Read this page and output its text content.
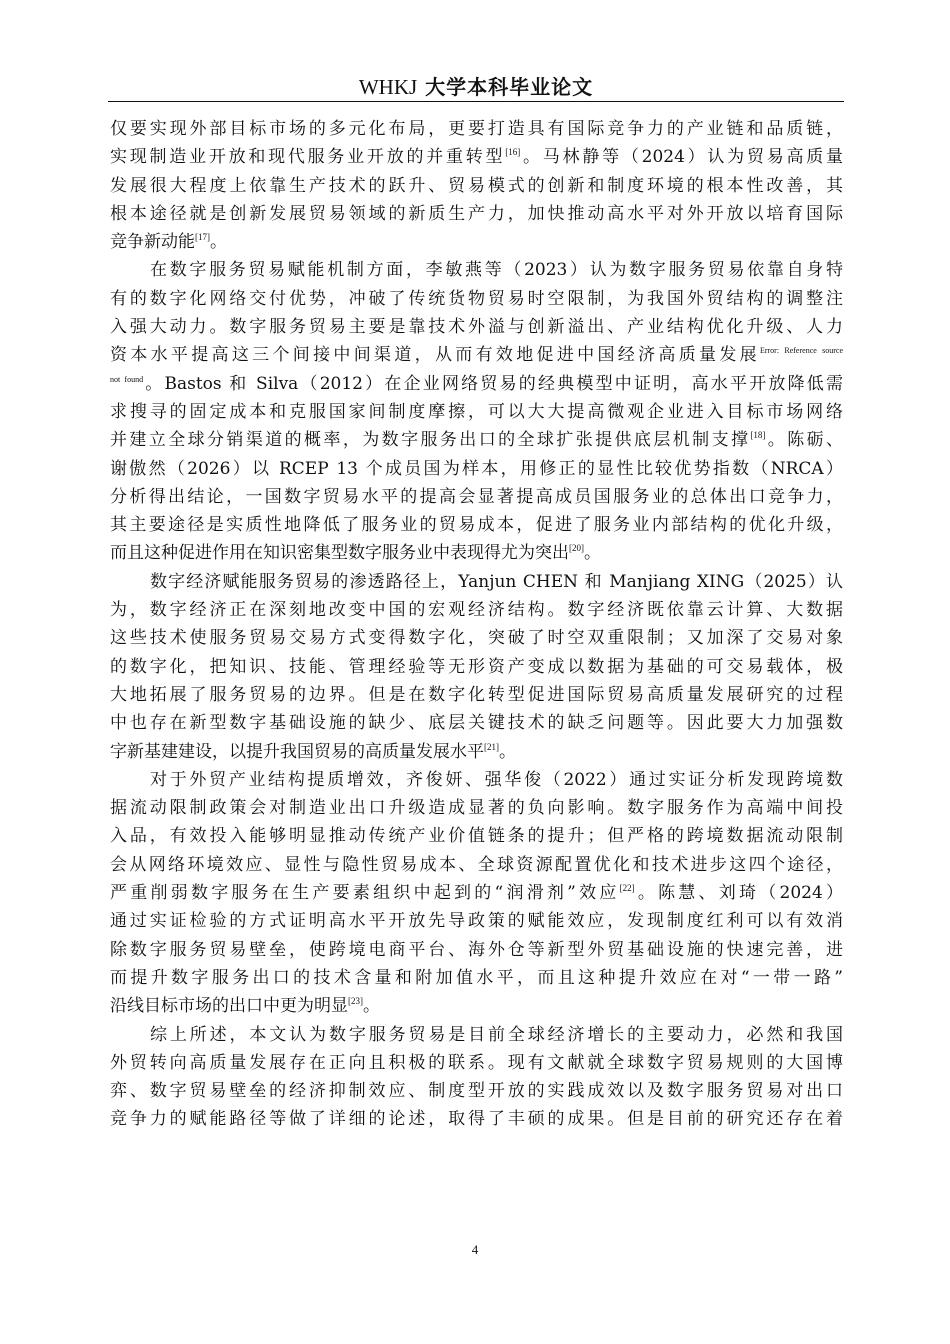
WHKJ 大学本科毕业论文
仅要实现外部目标市场的多元化布局，更要打造具有国际竞争力的产业链和品质链，
实现制造业开放和现代服务业开放的并重转型[16]。马林静等（2024）认为贸易高质量
发展很大程度上依靠生产技术的跃升、贸易模式的创新和制度环境的根本性改善，其
根本途径就是创新发展贸易领域的新质生产力，加快推动高水平对外开放以培育国际
竞争新动能[17]。
在数字服务贸易赋能机制方面，李敏燕等（2023）认为数字服务贸易依靠自身特
有的数字化网络交付优势，冲破了传统货物贸易时空限制，为我国外贸结构的调整注
入强大动力。数字服务贸易主要是靠技术外溢与创新溢出、产业结构优化升级、人力
资本水平提高这三个间接中间渠道，从而有效地促进中国经济高质量发展$^{Error: Reference source}$
$^{not found}$。Bastos 和 Silva（2012）在企业网络贸易的经典模型中证明，高水平开放降低需
求搜寻的固定成本和克服国家间制度摩擦，可以大大提高微观企业进入目标市场网络
并建立全球分销渠道的概率，为数字服务出口的全球扩张提供底层机制支撑[18]。陈砺、
谢傲然（2026）以 RCEP 13 个成员国为样本，用修正的显性比较优势指数（NRCA）
分析得出结论，一国数字贸易水平的提高会显著提高成员国服务业的总体出口竞争力，
其主要途径是实质性地降低了服务业的贸易成本，促进了服务业内部结构的优化升级，
而且这种促进作用在知识密集型数字服务业中表现得尤为突出[20]。
数字经济赋能服务贸易的渗透路径上，Yanjun CHEN 和 Manjiang XING（2025）认
为，数字经济正在深刻地改变中国的宏观经济结构。数字经济既依靠云计算、大数据
这些技术使服务贸易交易方式变得数字化，突破了时空双重限制；又加深了交易对象
的数字化，把知识、技能、管理经验等无形资产变成以数据为基础的可交易载体，极
大地拓展了服务贸易的边界。但是在数字化转型促进国际贸易高质量发展研究的过程
中也存在新型数字基础设施的缺少、底层关键技术的缺乏问题等。因此要大力加强数
字新基建建设，以提升我国贸易的高质量发展水平[21]。
对于外贸产业结构提质增效，齐俊妍、强华俊（2022）通过实证分析发现跨境数
据流动限制政策会对制造业出口升级造成显著的负向影响。数字服务作为高端中间投
入品，有效投入能够明显推动传统产业价值链条的提升；但严格的跨境数据流动限制
会从网络环境效应、显性与隐性贸易成本、全球资源配置优化和技术进步这四个途径，
严重削弱数字服务在生产要素组织中起到的“润滑剂”效应[22]。陈慧、刘琦（2024）
通过实证检验的方式证明高水平开放先导政策的赋能效应，发现制度红利可以有效消
除数字服务贸易壁垒，使跨境电商平台、海外仓等新型外贸基础设施的快速完善，进
而提升数字服务出口的技术含量和附加值水平，而且这种提升效应在对“一带一路”
沿线目标市场的出口中更为明显[23]。
综上所述，本文认为数字服务贸易是目前全球经济增长的主要动力，必然和我国
外贸转向高质量发展存在正向且积极的联系。现有文献就全球数字贸易规则的大国博
弈、数字贸易壁垒的经济抑制效应、制度型开放的实践成效以及数字服务贸易对出口
竞争力的赋能路径等做了详细的论述，取得了丰硕的成果。但是目前的研究还存在着
4
